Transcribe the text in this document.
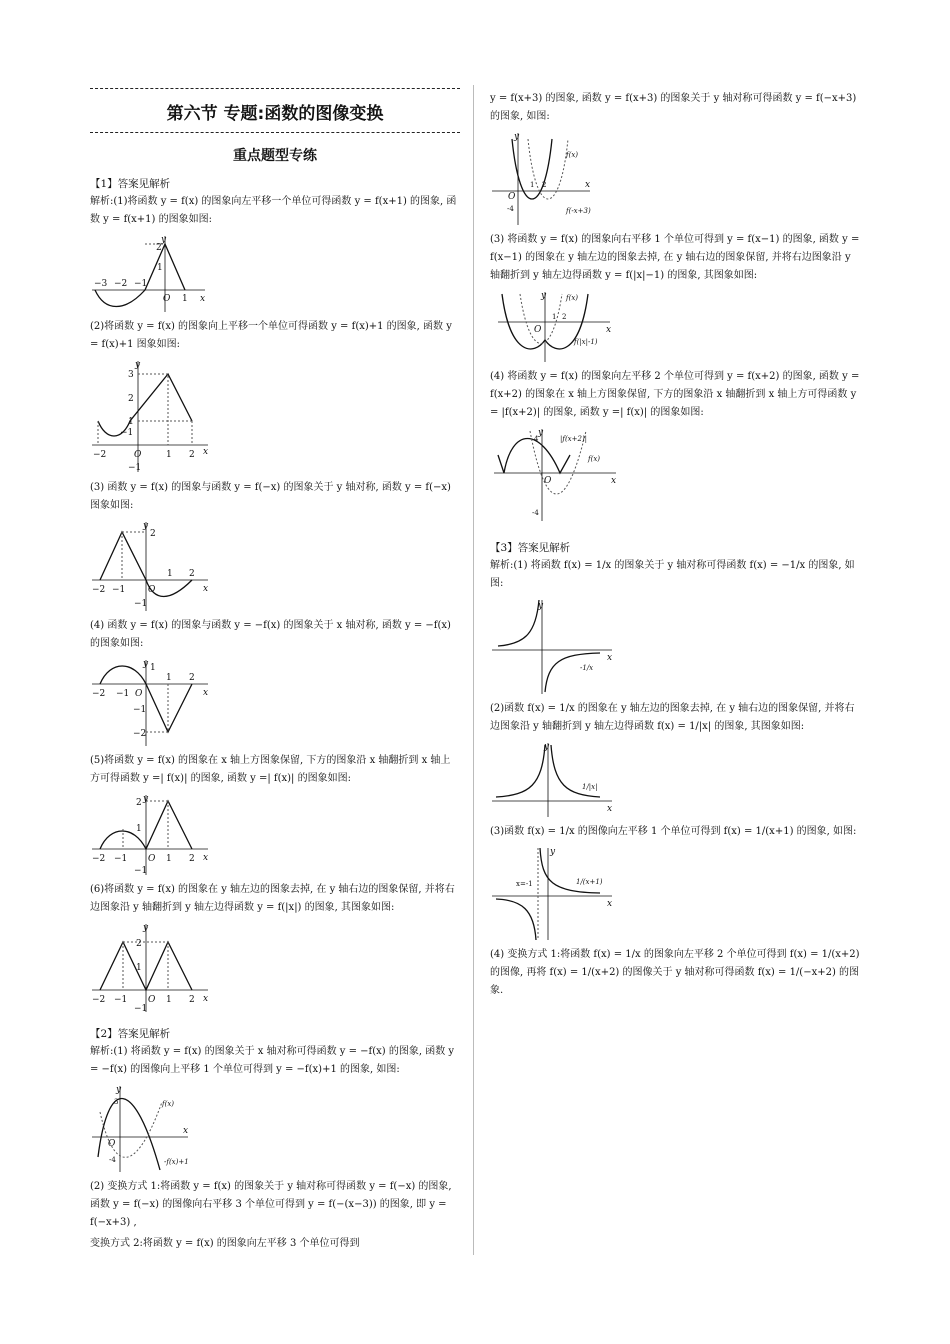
第六节 专题:函数的图像变换
重点题型专练
【1】答案见解析

解析:(1)将函数 y = f(x) 的图象向左平移一个单位可得函数 y = f(x+1) 的图象, 函数 y = f(x+1) 的图象如图:

y
x
2
1
−3 −2 −1
O 1

(2)将函数 y = f(x) 的图象向上平移一个单位可得函数 y = f(x)+1 的图象, 函数 y = f(x)+1 图象如图:

y
x
3
2
1
−2
−1
O	1 2
−1

(3) 函数 y = f(x) 的图象与函数 y = f(−x) 的图象关于 y 轴对称, 函数 y = f(−x) 图象如图:

y
x
2
−2 −1	O
1 2
−1

(4) 函数 y = f(x) 的图象与函数 y = −f(x) 的图象关于 x 轴对称, 函数 y = −f(x) 的图象如图:

y
x
1
−2 −1 O
1 2
−1
−2

(5)将函数 y = f(x) 的图象在 x 轴上方图象保留, 下方的图象沿 x 轴翻折到 x 轴上方可得函数 y =| f(x)| 的图象, 函数 y =| f(x)| 的图象如图:

y
x
2
1
−2 −1 O 1 2
−1

(6)将函数 y = f(x) 的图象在 y 轴左边的图象去掉, 在 y 轴右边的图象保留, 并将右边图象沿 y 轴翻折到 y 轴左边得函数 y = f(|x|) 的图象, 其图象如图:

y
x
2
1
−2 −1 O 1 2
−1
【2】答案见解析

解析:(1) 将函数 y = f(x) 的图象关于 x 轴对称可得函数 y = −f(x) 的图象, 函数 y = −f(x) 的图像向上平移 1 个单位可得到 y = −f(x)+1 的图象, 如图:

y
x
O
f(x)
-f(x)+1
3
-4

(2) 变换方式 1:将函数 y = f(x) 的图象关于 y 轴对称可得函数 y = f(−x) 的图象, 函数 y = f(−x) 的图像向右平移 3 个单位可得到 y = f(−(x−3)) 的图象, 即 y = f(−x+3) ,

变换方式 2:将函数 y = f(x) 的图象向左平移 3 个单位可得到

y = f(x+3) 的图象, 函数 y = f(x+3) 的图象关于 y 轴对称可得函数 y = f(−x+3) 的图象, 如图:

y
x
O
1 2
f(x)
f(-x+3)
-4

(3) 将函数 y = f(x) 的图象向右平移 1 个单位可得到 y = f(x−1) 的图象, 函数 y = f(x−1) 的图象在 y 轴左边的图象去掉, 在 y 轴右边的图象保留, 并将右边图象沿 y 轴翻折到 y 轴左边得函数 y = f(|x|−1) 的图象, 其图象如图:

y
x
O
1 2
f(x)
f(|x|-1)

(4) 将函数 y = f(x) 的图象向左平移 2 个单位可得到 y = f(x+2) 的图象, 函数 y = f(x+2) 的图象在 x 轴上方图象保留, 下方的图象沿 x 轴翻折到 x 轴上方可得函数 y = |f(x+2)| 的图象, 函数 y =| f(x)| 的图象如图:

y
x
O
|f(x+2)|
f(x)
4
-4
【3】答案见解析

解析:(1) 将函数 f(x) = 1/x 的图象关于 y 轴对称可得函数 f(x) = −1/x 的图象, 如图:

y
x
-1/x

(2)函数 f(x) = 1/x 的图象在 y 轴左边的图象去掉, 在 y 轴右边的图象保留, 并将右边图象沿 y 轴翻折到 y 轴左边得函数 f(x) = 1/|x| 的图象, 其图象如图:

y
x
1/|x|

(3)函数 f(x) = 1/x 的图像向左平移 1 个单位可得到 f(x) = 1/(x+1) 的图象, 如图:

y
x
x=-1	1/(x+1)

(4) 变换方式 1:将函数 f(x) = 1/x 的图象向左平移 2 个单位可得到 f(x) = 1/(x+2) 的图像, 再将 f(x) = 1/(x+2) 的图像关于 y 轴对称可得函数 f(x) = 1/(−x+2) 的图象.
